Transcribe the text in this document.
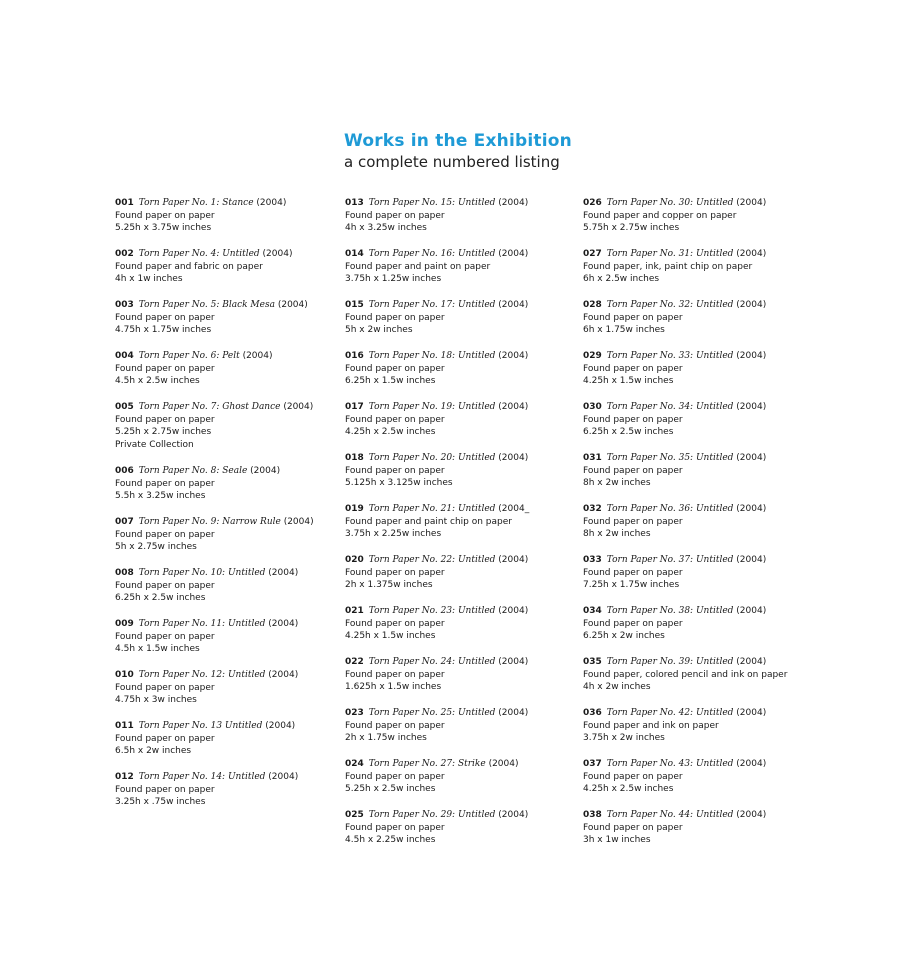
Works in the Exhibition

a complete numbered listing

001 Torn Paper No. 1: Stance (2004)
Found paper on paper
5.25h x 3.75w inches
002 Torn Paper No. 4: Untitled (2004)
Found paper and fabric on paper
4h x 1w inches
003 Torn Paper No. 5: Black Mesa (2004)
Found paper on paper
4.75h x 1.75w inches
004 Torn Paper No. 6: Pelt (2004)
Found paper on paper
4.5h x 2.5w inches
005 Torn Paper No. 7: Ghost Dance (2004)
Found paper on paper
5.25h x 2.75w inches
Private Collection
006 Torn Paper No. 8: Seale (2004)
Found paper on paper
5.5h x 3.25w inches
007 Torn Paper No. 9: Narrow Rule (2004)
Found paper on paper
5h x 2.75w inches
008 Torn Paper No. 10: Untitled (2004)
Found paper on paper
6.25h x 2.5w inches
009 Torn Paper No. 11: Untitled (2004)
Found paper on paper
4.5h x 1.5w inches
010 Torn Paper No. 12: Untitled (2004)
Found paper on paper
4.75h x 3w inches
011 Torn Paper No. 13 Untitled (2004)
Found paper on paper
6.5h x 2w inches
012 Torn Paper No. 14: Untitled (2004)
Found paper on paper
3.25h x .75w inches
013 Torn Paper No. 15: Untitled (2004)
Found paper on paper
4h x 3.25w inches
014 Torn Paper No. 16: Untitled (2004)
Found paper and paint on paper
3.75h x 1.25w inches
015 Torn Paper No. 17: Untitled (2004)
Found paper on paper
5h x 2w inches
016 Torn Paper No. 18: Untitled (2004)
Found paper on paper
6.25h x 1.5w inches
017 Torn Paper No. 19: Untitled (2004)
Found paper on paper
4.25h x 2.5w inches
018 Torn Paper No. 20: Untitled (2004)
Found paper on paper
5.125h x 3.125w inches
019 Torn Paper No. 21: Untitled (2004_
Found paper and paint chip on paper
3.75h x 2.25w inches
020 Torn Paper No. 22: Untitled (2004)
Found paper on paper
2h x 1.375w inches
021 Torn Paper No. 23: Untitled (2004)
Found paper on paper
4.25h x 1.5w inches
022 Torn Paper No. 24: Untitled (2004)
Found paper on paper
1.625h x 1.5w inches
023 Torn Paper No. 25: Untitled (2004)
Found paper on paper
2h x 1.75w inches
024 Torn Paper No. 27: Strike (2004)
Found paper on paper
5.25h x 2.5w inches
025 Torn Paper No. 29: Untitled (2004)
Found paper on paper
4.5h x 2.25w inches
026 Torn Paper No. 30: Untitled (2004)
Found paper and copper on paper
5.75h x 2.75w inches
027 Torn Paper No. 31: Untitled (2004)
Found paper, ink, paint chip on paper
6h x 2.5w inches
028 Torn Paper No. 32: Untitled (2004)
Found paper on paper
6h x 1.75w inches
029 Torn Paper No. 33: Untitled (2004)
Found paper on paper
4.25h x 1.5w inches
030 Torn Paper No. 34: Untitled (2004)
Found paper on paper
6.25h x 2.5w inches
031 Torn Paper No. 35: Untitled (2004)
Found paper on paper
8h x 2w inches
032 Torn Paper No. 36: Untitled (2004)
Found paper on paper
8h x 2w inches
033 Torn Paper No. 37: Untitled (2004)
Found paper on paper
7.25h x 1.75w inches
034 Torn Paper No. 38: Untitled (2004)
Found paper on paper
6.25h x 2w inches
035 Torn Paper No. 39: Untitled (2004)
Found paper, colored pencil and ink on paper
4h x 2w inches
036 Torn Paper No. 42: Untitled (2004)
Found paper and ink on paper
3.75h x 2w inches
037 Torn Paper No. 43: Untitled (2004)
Found paper on paper
4.25h x 2.5w inches
038 Torn Paper No. 44: Untitled (2004)
Found paper on paper
3h x 1w inches
